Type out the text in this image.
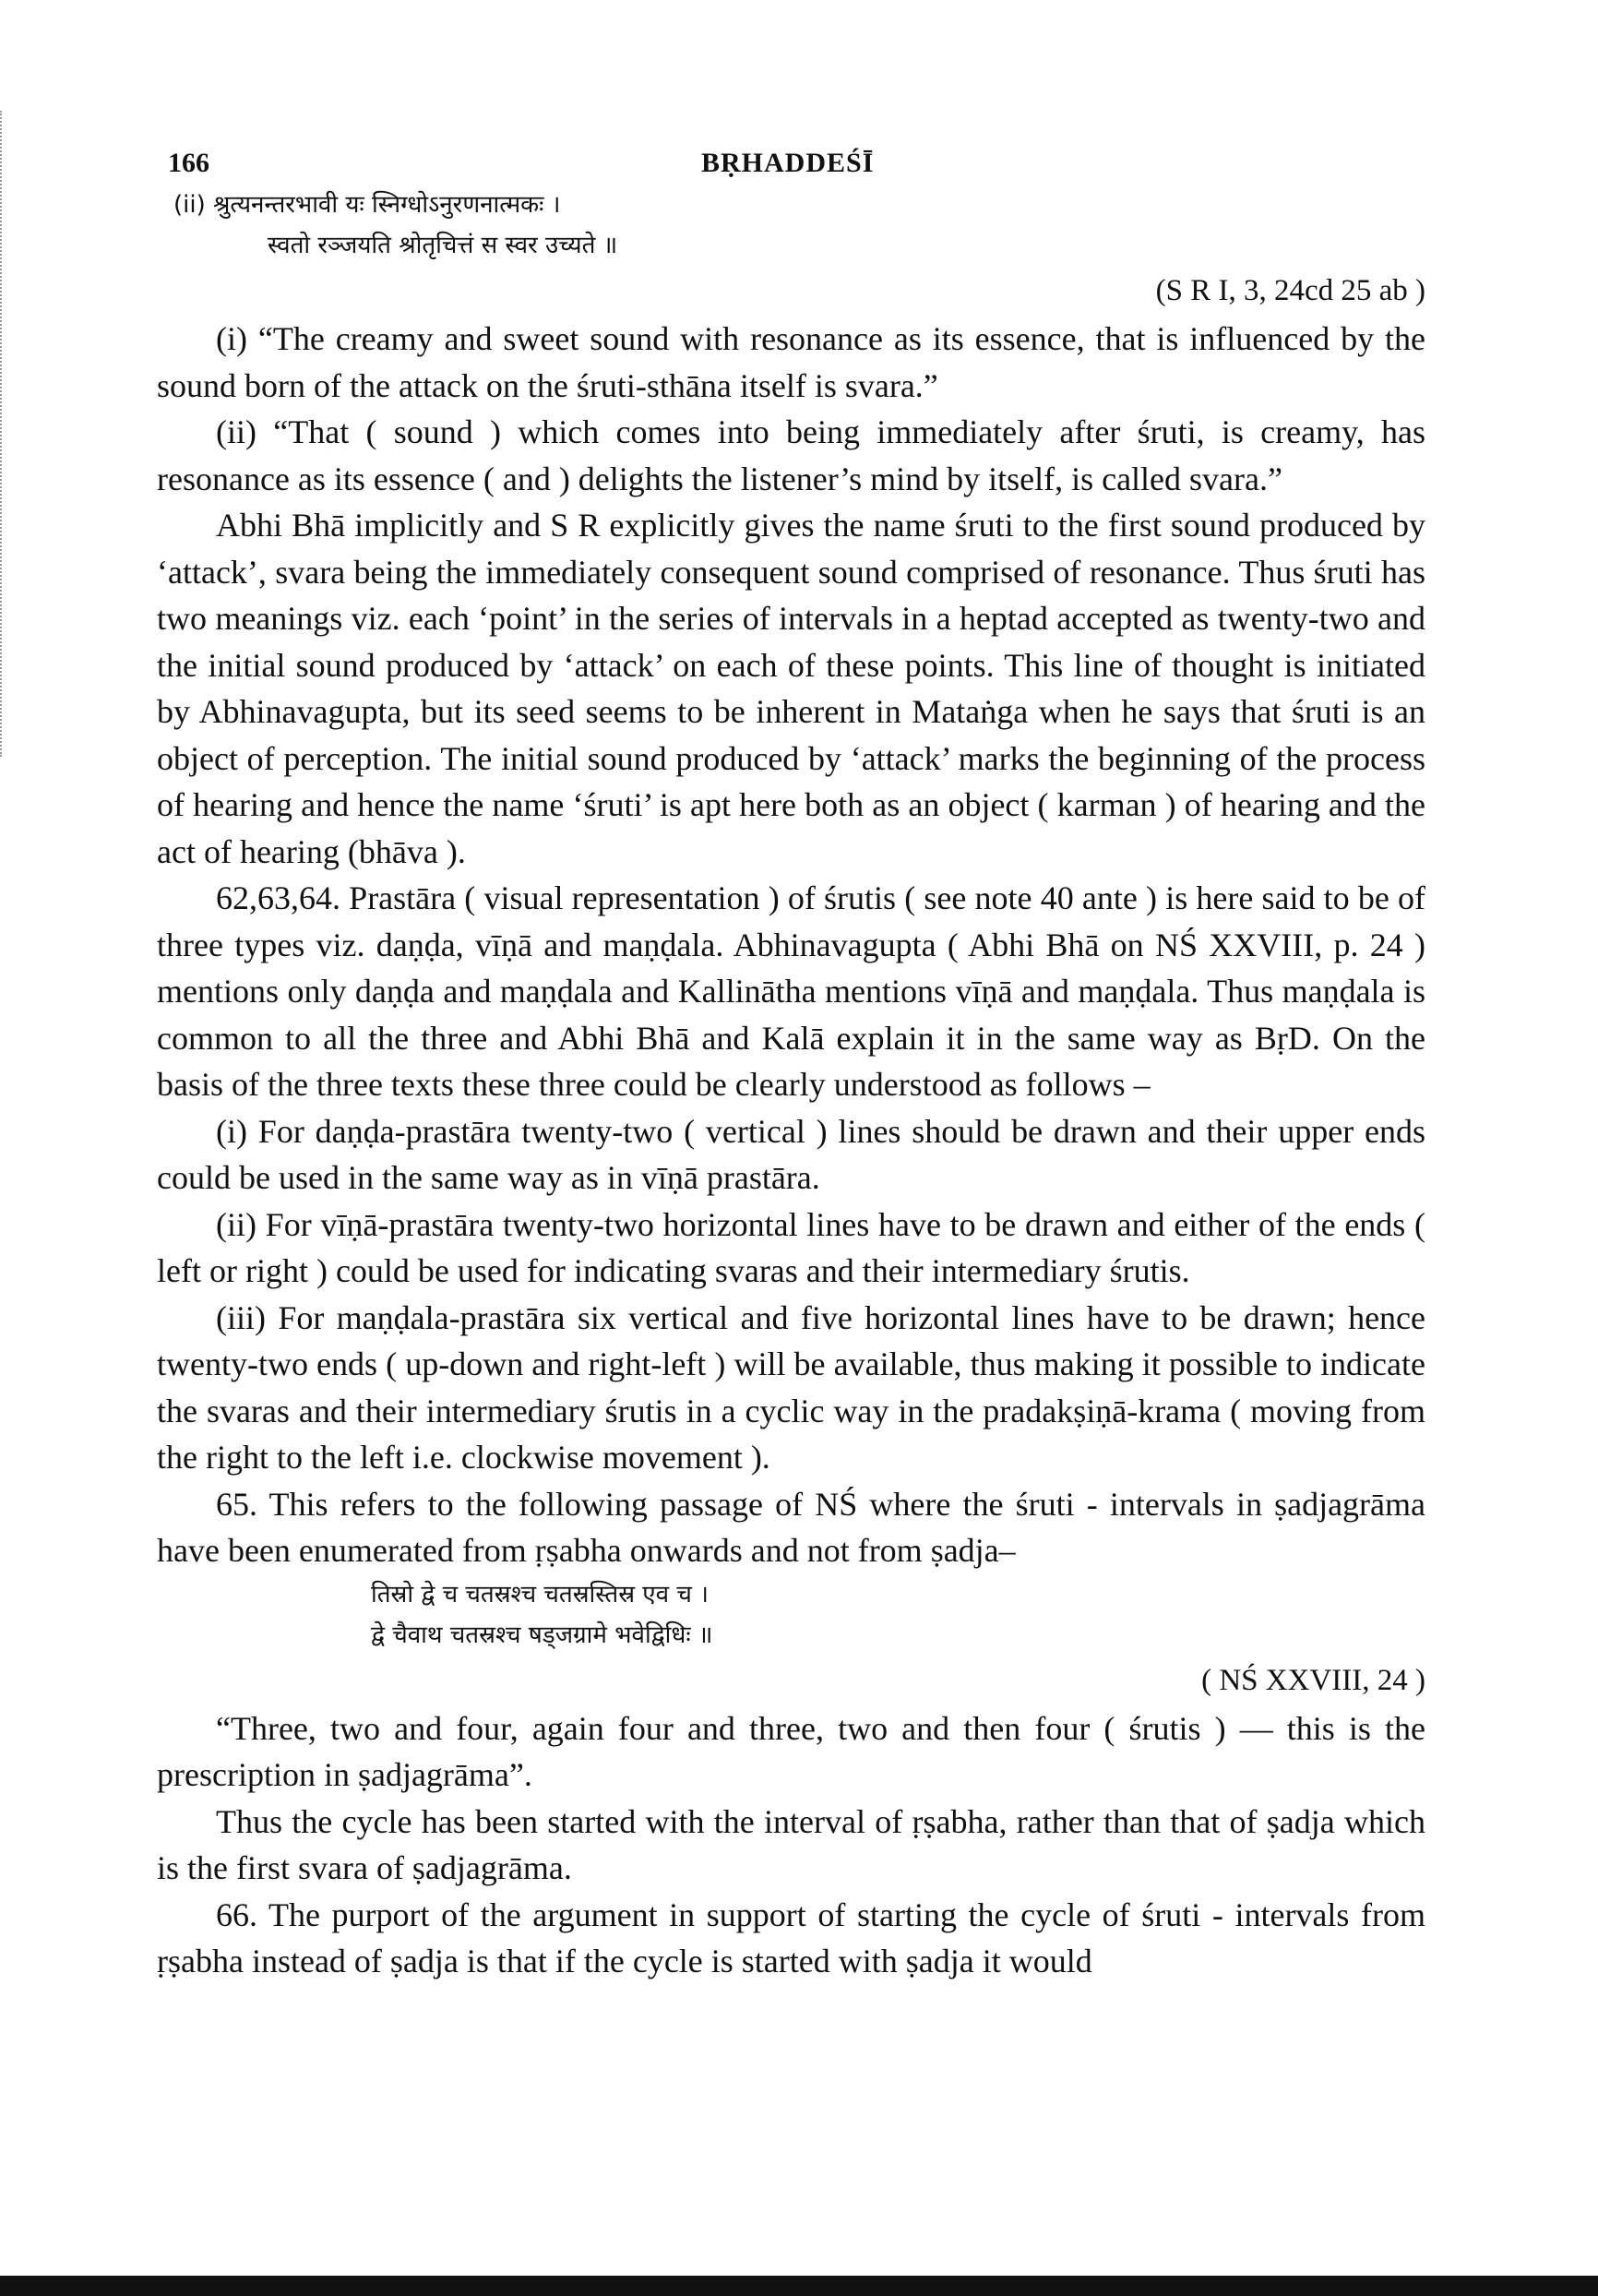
166	BṚHADDEŚĪ
(ii) श्रुत्यनन्तरभावी यः स्निग्धोऽनुरणनात्मकः ।
स्वतो रञ्जयति श्रोतृचित्तं स स्वर उच्यते ॥
(S R I, 3, 24cd 25 ab )

(i) “The creamy and sweet sound with resonance as its essence, that is influenced by the sound born of the attack on the śruti-sthāna itself is svara.”

(ii) “That ( sound ) which comes into being immediately after śruti, is creamy, has resonance as its essence ( and ) delights the listener’s mind by itself, is called svara.”

Abhi Bhā implicitly and S R explicitly gives the name śruti to the first sound produced by ‘attack’, svara being the immediately consequent sound comprised of resonance. Thus śruti has two meanings viz. each ‘point’ in the series of intervals in a heptad accepted as twenty-two and the initial sound produced by ‘attack’ on each of these points. This line of thought is initiated by Abhinavagupta, but its seed seems to be inherent in Mataṅga when he says that śruti is an object of perception. The initial sound produced by ‘attack’ marks the beginning of the process of hearing and hence the name ‘śruti’ is apt here both as an object ( karman ) of hearing and the act of hearing (bhāva ).

62,63,64. Prastāra ( visual representation ) of śrutis ( see note 40 ante ) is here said to be of three types viz. daṇḍa, vīṇā and maṇḍala. Abhinavagupta ( Abhi Bhā on NŚ XXVIII, p. 24 ) mentions only daṇḍa and maṇḍala and Kallinātha mentions vīṇā and maṇḍala. Thus maṇḍala is common to all the three and Abhi Bhā and Kalā explain it in the same way as BṛD. On the basis of the three texts these three could be clearly understood as follows –

(i) For daṇḍa-prastāra twenty-two ( vertical ) lines should be drawn and their upper ends could be used in the same way as in vīṇā prastāra.

(ii) For vīṇā-prastāra twenty-two horizontal lines have to be drawn and either of the ends ( left or right ) could be used for indicating svaras and their intermediary śrutis.

(iii) For maṇḍala-prastāra six vertical and five horizontal lines have to be drawn; hence twenty-two ends ( up-down and right-left ) will be available, thus making it possible to indicate the svaras and their intermediary śrutis in a cyclic way in the pradakṣiṇā-krama ( moving from the right to the left i.e. clockwise movement ).

65. This refers to the following passage of NŚ where the śruti - intervals in ṣadjagrāma have been enumerated from ṛṣabha onwards and not from ṣadja–

तिस्रो द्वे च चतस्रश्च चतस्रस्तिस्र एव च ।
द्वे चैवाथ चतस्रश्च षड्जग्रामे भवेद्विधिः ॥
( NŚ XXVIII, 24 )

“Three, two and four, again four and three, two and then four ( śrutis ) — this is the prescription in ṣadjagrāma”.

Thus the cycle has been started with the interval of ṛṣabha, rather than that of ṣadja which is the first svara of ṣadjagrāma.

66. The purport of the argument in support of starting the cycle of śruti - intervals from ṛṣabha instead of ṣadja is that if the cycle is started with ṣadja it would
